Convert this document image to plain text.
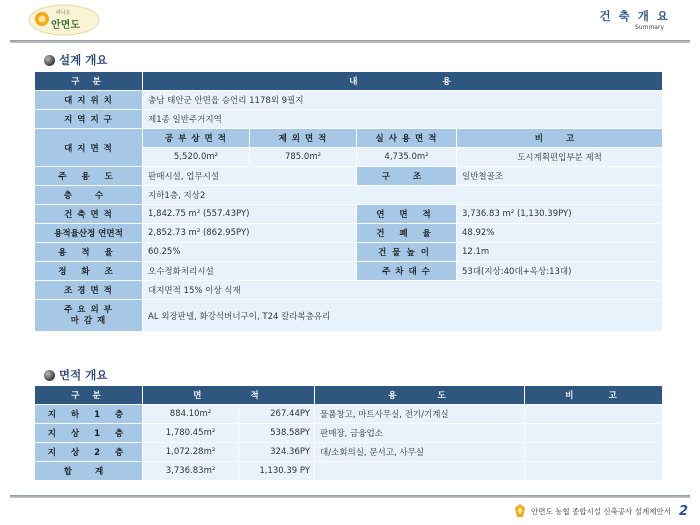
떠나온
안면도
건 축 개 요
Summary
설계 개요
구 분	내 용			
대 지 위 치	충남 태안군 안면읍 승언리 1178외 9필지			
지 역 지 구	제1종 일반주거지역			
대 지 면 적	공 부 상 면 적	제 외 면 적	실 사 용 면 적	비 고
	5,520.0m²	785.0m²	4,735.0m²	도시계획편입부분 제척
주 용 도	판매시설, 업무시설		구 조	일반철골조
층 수	지하1층, 지상2			
건 축 면 적	1,842.75 m² (557.43PY)		연 면 적	3,736.83 m² (1,130.39PY)
용적율산정 연면적	2,852.73 m² (862.95PY)		건 폐 율	48.92%
용 적 율	60.25%		건물높이	12.1m
정 화 조	오수정화처리시설		주 차 대 수	53대(지상:40대+옥상:13대)
조 경 면 적	대지면적 15% 이상 식재			

주 요 외 부
마 감 재	AL 외장판넬, 화강석버너구이, T24 칼라복층유리			
면적 개요
구 분	면 적		용 도	비 고
지 하 1 층	884.10m²	267.44PY	물품창고, 마트사무실, 전기/기계실	
지 상 1 층	1,780.45m²	538.58PY	판매장, 금융업소	
지 상 2 층	1,072.28m²	324.36PY	대/소회의실, 문서고, 사무실	
합 계	3,736.83m²	1,130.39 PY		
안면도 농협 종합시설 신축공사 설계제안서 2
